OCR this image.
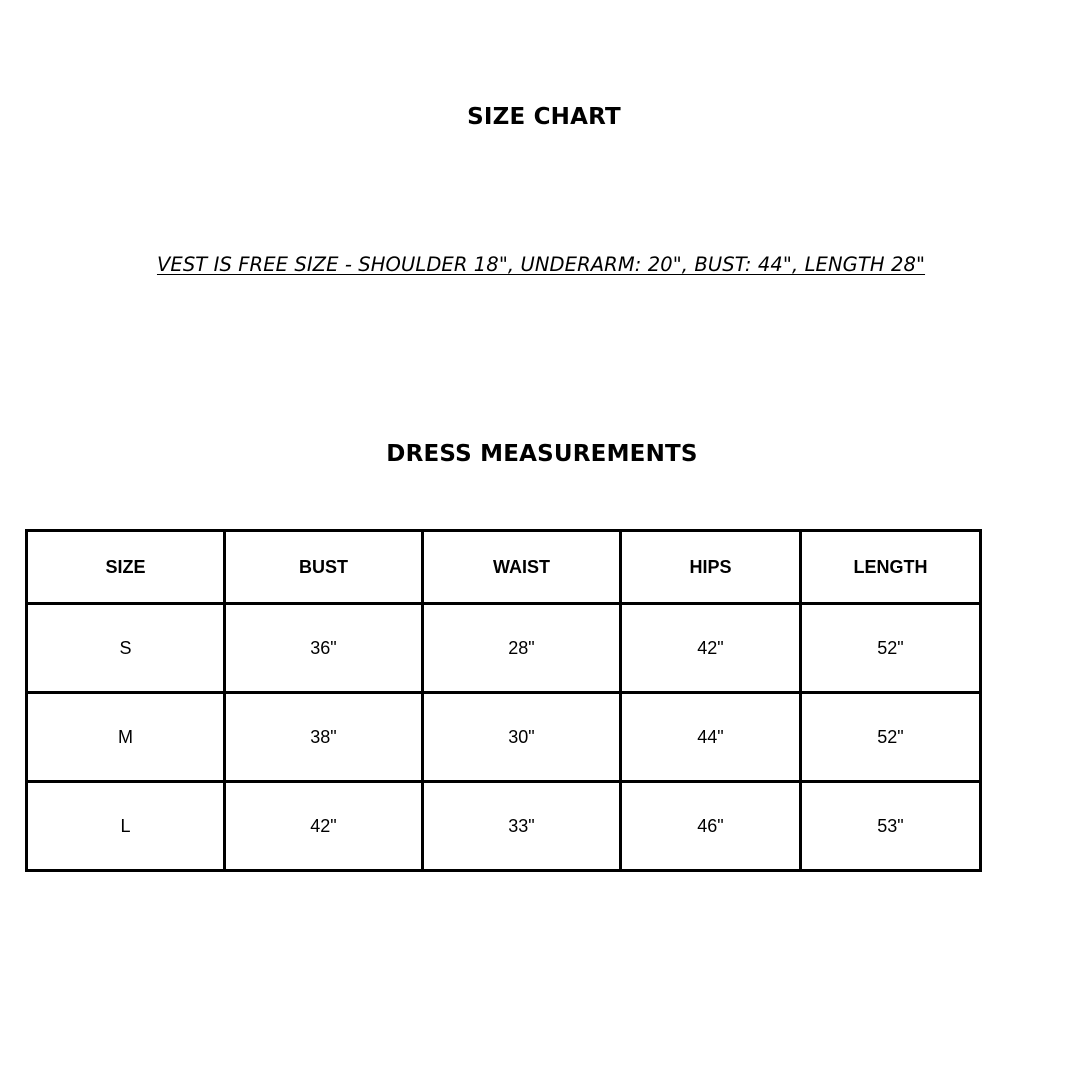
SIZE CHART

VEST IS FREE SIZE - SHOULDER 18", UNDERARM: 20", BUST: 44", LENGTH 28"

DRESS MEASUREMENTS
SIZE	BUST	WAIST	HIPS	LENGTH
S	36"	28"	42"	52"
M	38"	30"	44"	52"
L	42"	33"	46"	53"
